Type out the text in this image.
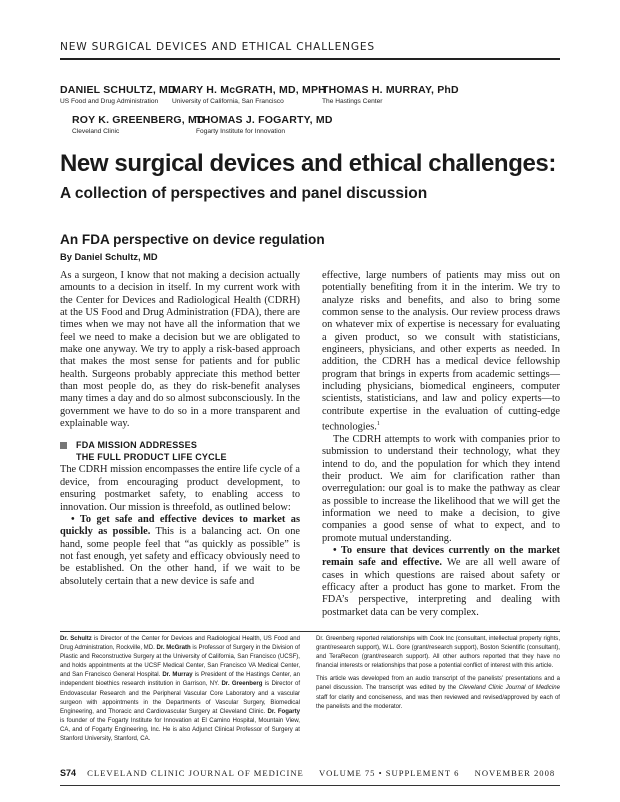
NEW SURGICAL DEVICES AND ETHICAL CHALLENGES
DANIEL SCHULTZ, MD
US Food and Drug Administration
MARY H. McGRATH, MD, MPH
University of California, San Francisco
THOMAS H. MURRAY, PhD
The Hastings Center
ROY K. GREENBERG, MD
Cleveland Clinic
THOMAS J. FOGARTY, MD
Fogarty Institute for Innovation
New surgical devices and ethical challenges:
A collection of perspectives and panel discussion
An FDA perspective on device regulation
By Daniel Schultz, MD

As a surgeon, I know that not making a decision actually amounts to a decision in itself. In my current work with the Center for Devices and Radiological Health (CDRH) at the US Food and Drug Administration (FDA), there are times when we may not have all the information that we feel we need to make a decision but we are obligated to make one anyway. We try to apply a risk-based approach that makes the most sense for patients and for public health. Surgeons probably appreciate this method better than most people do, as they do risk-benefit analyses many times a day and do so almost subconsciously. In the government we have to do so in a more transparent and explainable way.

FDA MISSION ADDRESSES
THE FULL PRODUCT LIFE CYCLE

The CDRH mission encompasses the entire life cycle of a device, from encouraging product development, to ensuring postmarket safety, to enabling access to innovation. Our mission is threefold, as outlined below:

• To get safe and effective devices to market as quickly as possible. This is a balancing act. On one hand, some people feel that “as quickly as possible” is not fast enough, yet safety and efficacy obviously need to be established. On the other hand, if we wait to be absolutely certain that a new device is safe and

effective, large numbers of patients may miss out on potentially benefiting from it in the interim. We try to analyze risks and benefits, and also to bring some common sense to the analysis. Our review process draws on whatever mix of expertise is necessary for evaluating a given product, so we consult with statisticians, engineers, physicians, and other experts as needed. In addition, the CDRH has a medical device fellowship program that brings in experts from academic settings—including physicians, biomedical engineers, computer scientists, statisticians, and law and policy experts—to contribute expertise in the evaluation of cutting-edge technologies.$^1$

The CDRH attempts to work with companies prior to submission to understand their technology, what they intend to do, and the population for which they intend their product. We aim for clarification rather than overregulation: our goal is to make the pathway as clear as possible to increase the likelihood that we will get the information we need to make a decision, to give companies a good sense of what to expect, and to promote mutual understanding.

• To ensure that devices currently on the market remain safe and effective. We are all well aware of cases in which questions are raised about safety or efficacy after a product has gone to market. From the FDA’s perspective, interpreting and dealing with postmarket data can be very complex.

Dr. Schultz is Director of the Center for Devices and Radiological Health, US Food and Drug Administration, Rockville, MD. Dr. McGrath is Professor of Surgery in the Division of Plastic and Reconstructive Surgery at the University of California, San Francisco (UCSF), and holds appointments at the UCSF Medical Center, San Francisco VA Medical Center, and San Francisco General Hospital. Dr. Murray is President of the Hastings Center, an independent bioethics research institution in Garrison, NY. Dr. Greenberg is Director of Endovascular Research and the Peripheral Vascular Core Laboratory and a vascular surgeon with appointments in the Departments of Vascular Surgery, Biomedical Engineering, and Thoracic and Cardiovascular Surgery at Cleveland Clinic. Dr. Fogarty is founder of the Fogarty Institute for Innovation at El Camino Hospital, Mountain View, CA, and of Fogarty Engineering, Inc. He is also Adjunct Clinical Professor of Surgery at Stanford University, Stanford, CA.

Dr. Greenberg reported relationships with Cook Inc (consultant, intellectual property rights, grant/research support), W.L. Gore (grant/research support), Boston Scientific (consultant), and TeraRecon (grant/research support). All other authors reported that they have no financial interests or relationships that pose a potential conflict of interest with this article.

This article was developed from an audio transcript of the panelists’ presentations and a panel discussion. The transcript was edited by the Cleveland Clinic Journal of Medicine staff for clarity and conciseness, and was then reviewed and revised/approved by each of the panelists and the moderator.

S74 CLEVELAND CLINIC JOURNAL OF MEDICINE VOLUME 75 • SUPPLEMENT 6 NOVEMBER 2008
